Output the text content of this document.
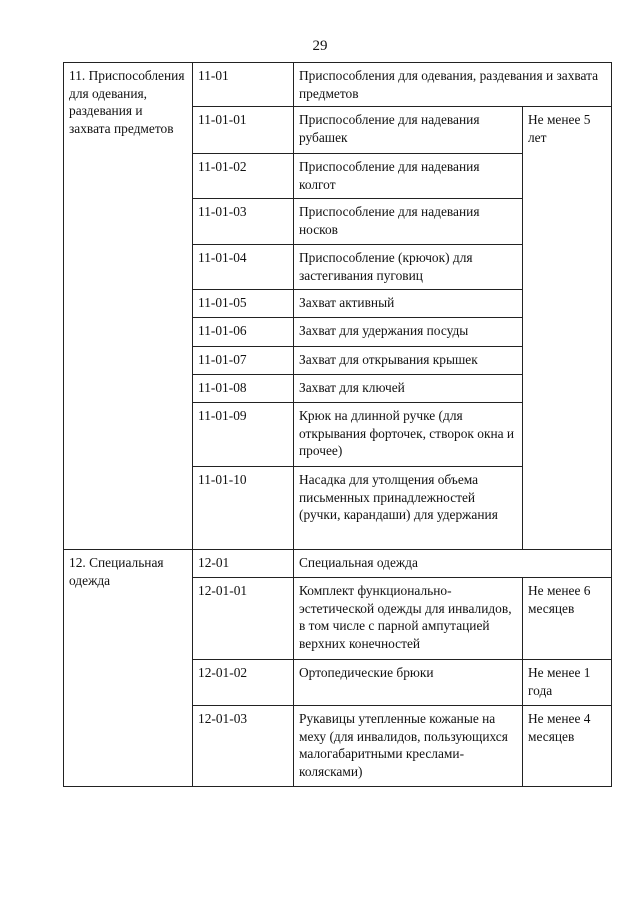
29
11. Приспособления для одевания, раздевания и захвата предметов	11-01	Приспособления для одевания, раздевания и захвата предметов	
	11-01-01	Приспособление для надевания рубашек	Не менее 5 лет
	11-01-02	Приспособление для надевания колгот	
	11-01-03	Приспособление для надевания носков	
	11-01-04	Приспособление (крючок) для застегивания пуговиц	
	11-01-05	Захват активный	
	11-01-06	Захват для удержания посуды	
	11-01-07	Захват для открывания крышек	
	11-01-08	Захват для ключей	
	11-01-09	Крюк на длинной ручке (для открывания форточек, створок окна и прочее)	
	11-01-10	Насадка для утолщения объема письменных принадлежностей (ручки, карандаши) для удержания	
12. Специальная одежда	12-01	Специальная одежда	
	12-01-01	Комплект функционально-эстетической одежды для инвалидов, в том числе с парной ампутацией верхних конечностей	Не менее 6 месяцев
	12-01-02	Ортопедические брюки	Не менее 1 года
	12-01-03	Рукавицы утепленные кожаные на меху (для инвалидов, пользующихся малогабаритными креслами-колясками)	Не менее 4 месяцев
